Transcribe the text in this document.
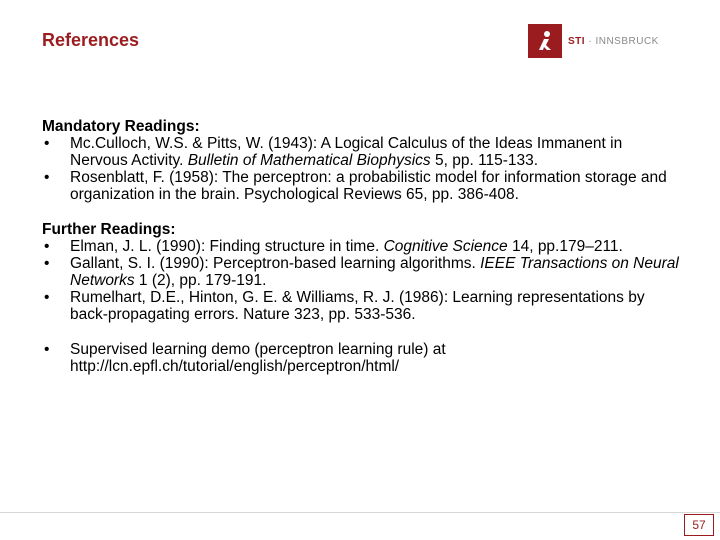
References	STI · INNSBRUCK
Mandatory Readings:
• Mc.Culloch, W.S. & Pitts, W. (1943): A Logical Calculus of the Ideas Immanent in Nervous Activity. Bulletin of Mathematical Biophysics 5, pp. 115-133.
• Rosenblatt, F. (1958): The perceptron: a probabilistic model for information storage and organization in the brain. Psychological Reviews 65, pp. 386-408.
Further Readings:
• Elman, J. L. (1990): Finding structure in time. Cognitive Science 14, pp.179–211.
• Gallant, S. I. (1990): Perceptron-based learning algorithms. IEEE Transactions on Neural Networks 1 (2), pp. 179-191.
• Rumelhart, D.E., Hinton, G. E. & Williams, R. J. (1986): Learning representations by back-propagating errors. Nature 323, pp. 533-536.
• Supervised learning demo (perceptron learning rule) at http://lcn.epfl.ch/tutorial/english/perceptron/html/
57
